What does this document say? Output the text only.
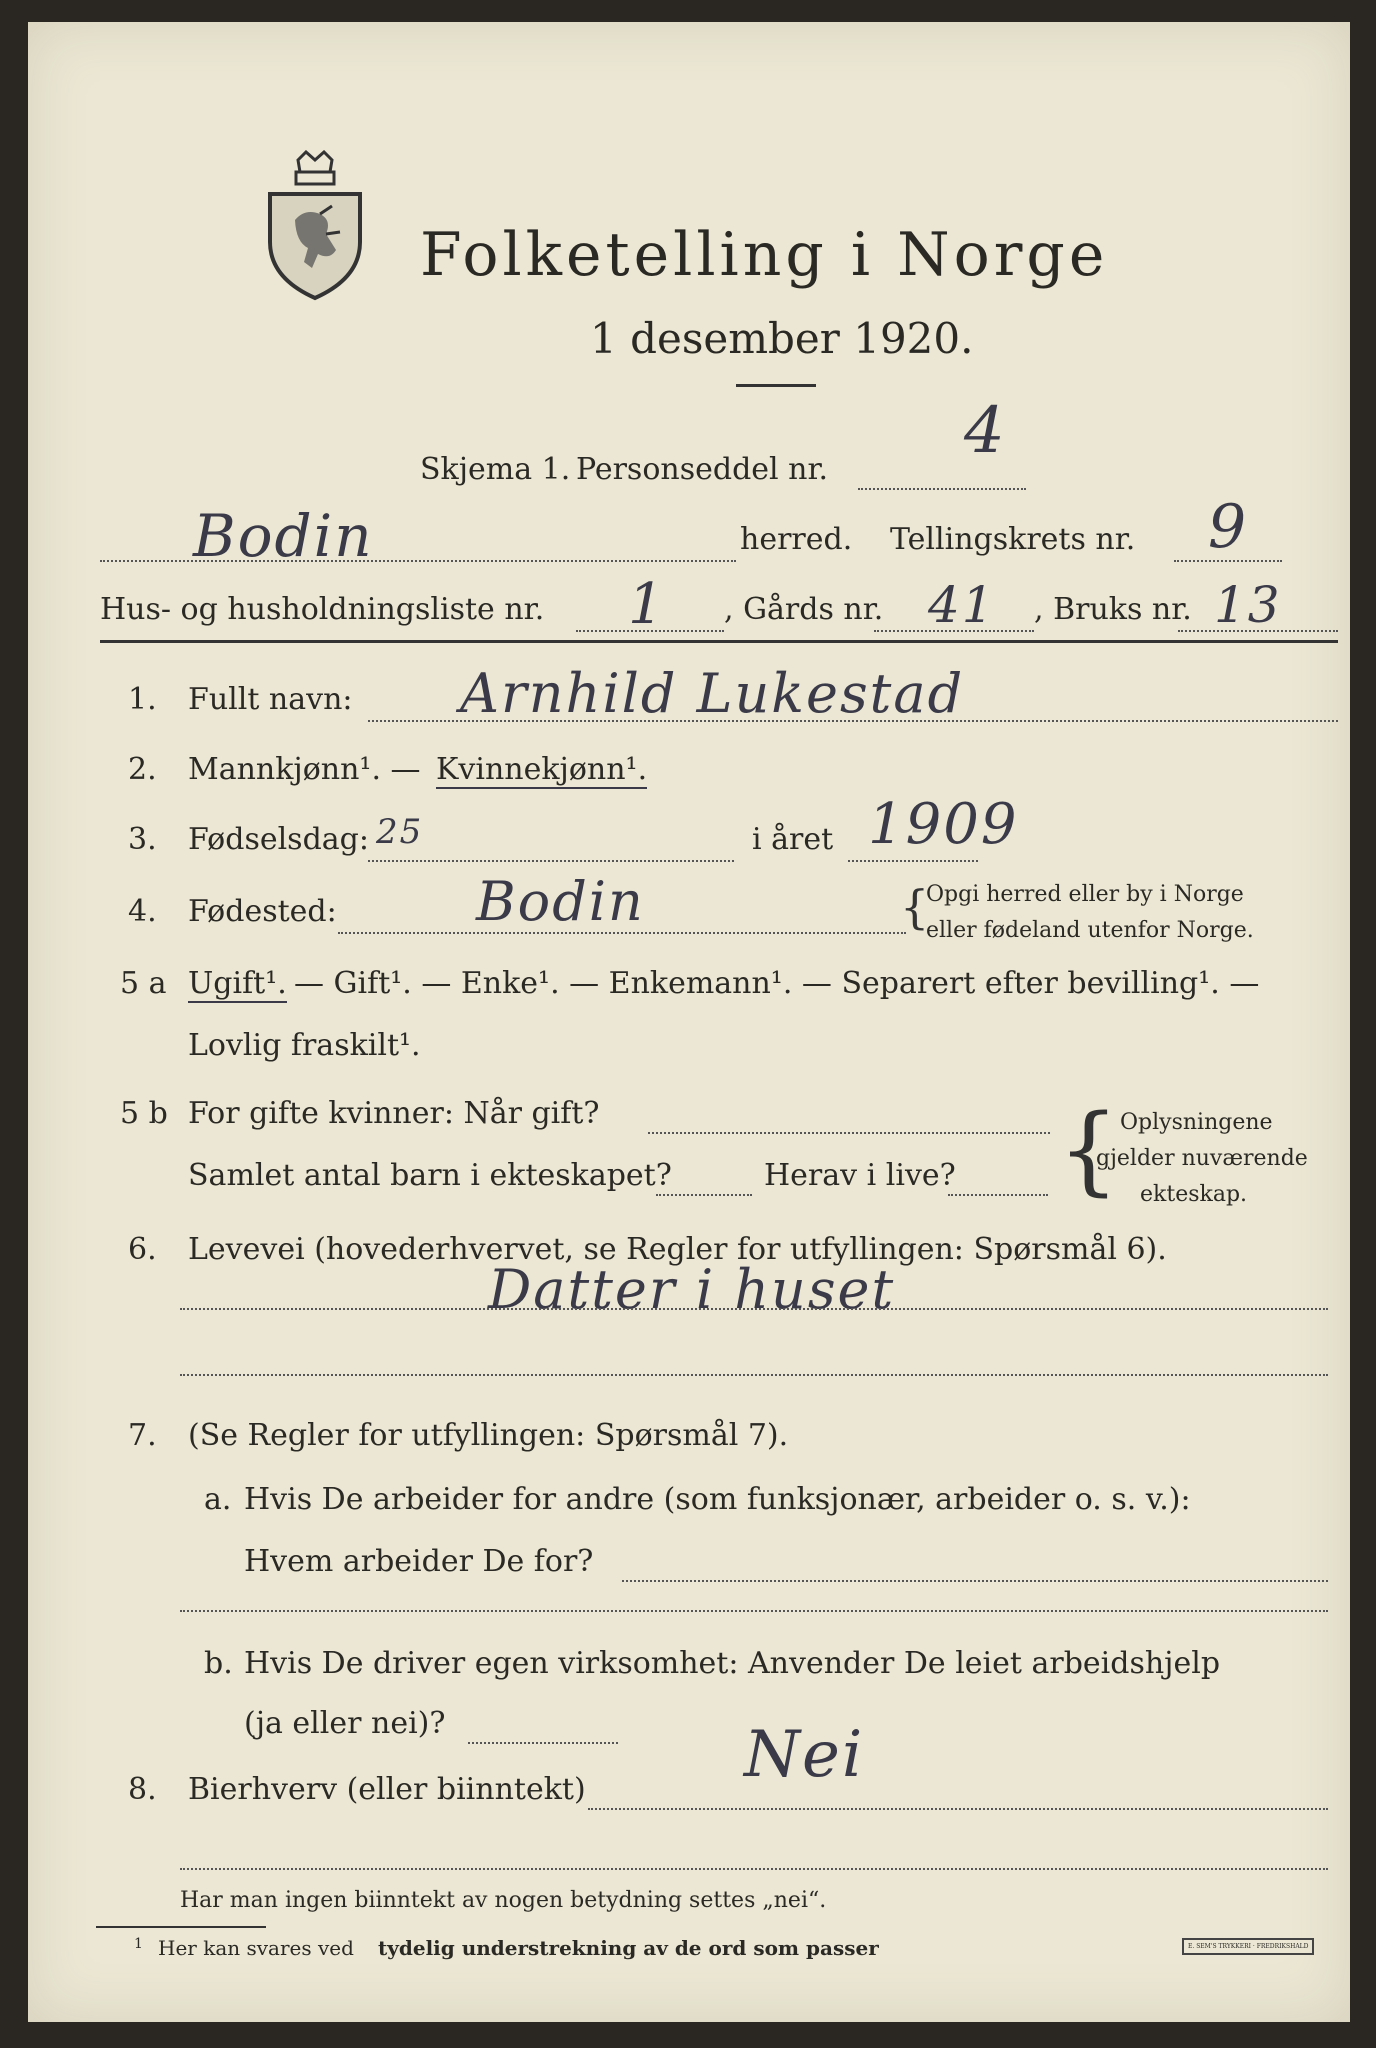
Folketelling i Norge
1 desember 1920.
Skjema 1. Personseddel nr.
4
Bodin	herred. Tellingskrets nr. 9
Hus- og husholdningsliste nr. 1 , Gårds nr. 41 , Bruks nr. 13
1. Fullt navn: Arnhild Lukestad
2. Mannkjønn¹. — Kvinnekjønn¹.
3. Fødselsdag: 25	i året 1909
4. Fødested:	Bodin	{
Opgi herred eller by i Norge
eller fødeland utenfor Norge.
5 a Ugift¹. — Gift¹. — Enke¹. — Enkemann¹. — Separert efter bevilling¹. —
Lovlig fraskilt¹.
5 b For gifte kvinner: Når gift?
Samlet antal barn i ekteskapet?	Herav i live? { Oplysningene
gjelder nuværende
ekteskap.
6. Levevei (hovederhvervet, se Regler for utfyllingen: Spørsmål 6).
Datter i huset
7. (Se Regler for utfyllingen: Spørsmål 7).
a. Hvis De arbeider for andre (som funksjonær, arbeider o. s. v.):
Hvem arbeider De for?
b. Hvis De driver egen virksomhet: Anvender De leiet arbeidshjelp
(ja eller nei)?
8. Bierhverv (eller biinntekt) Nei
Har man ingen biinntekt av nogen betydning settes „nei“.
1 Her kan svares ved tydelig understrekning av de ord som passer	E. SEM'S TRYKKERI · FREDRIKSHALD
